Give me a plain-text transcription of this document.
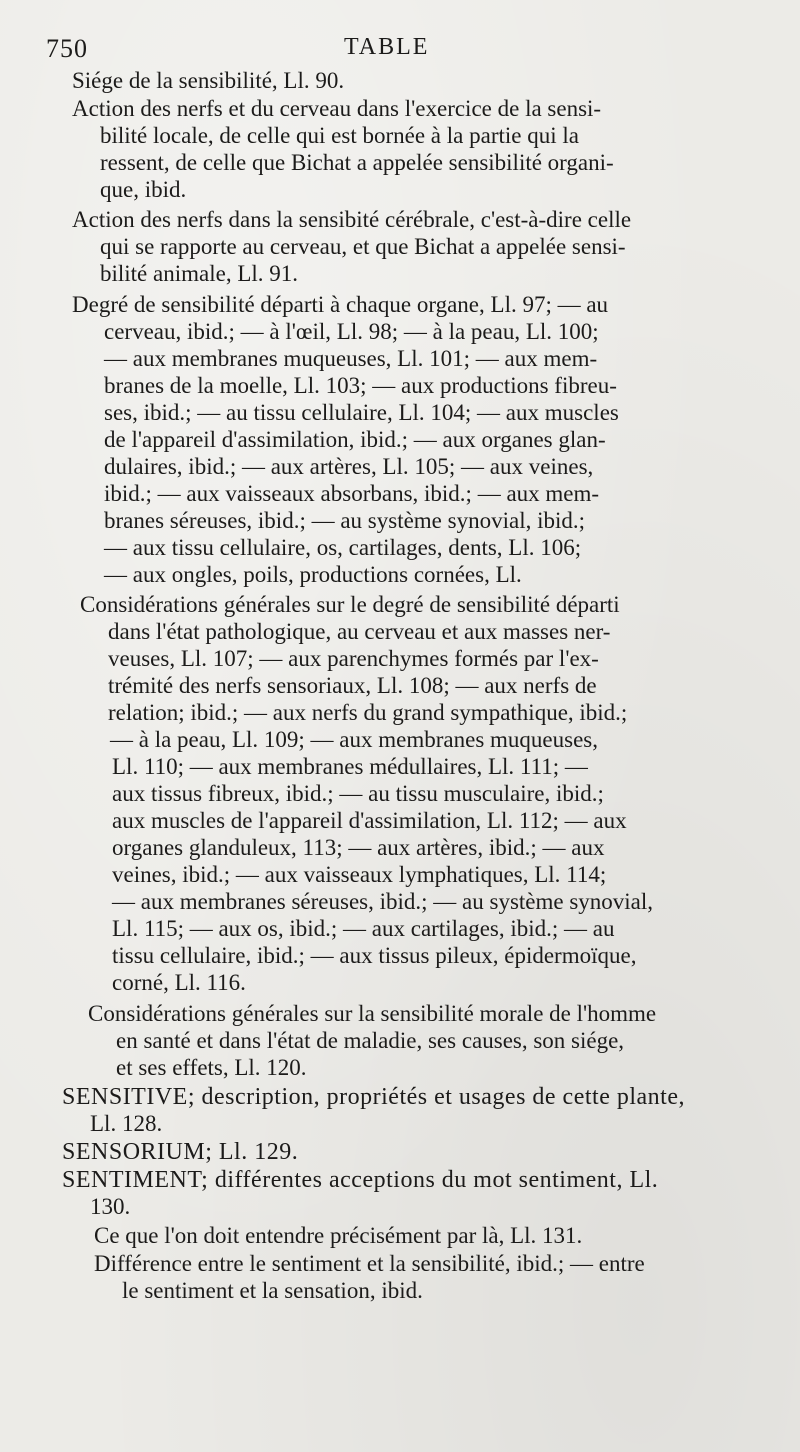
750	TABLE
Siége de la sensibilité, Ll. 90.
Action des nerfs et du cerveau dans l'exercice de la sensi-
bilité locale, de celle qui est bornée à la partie qui la
ressent, de celle que Bichat a appelée sensibilité organi-
que, ibid.
Action des nerfs dans la sensibité cérébrale, c'est-à-dire celle
qui se rapporte au cerveau, et que Bichat a appelée sensi-
bilité animale, Ll. 91.
Degré de sensibilité départi à chaque organe, Ll. 97; — au
cerveau, ibid.; — à l'œil, Ll. 98; — à la peau, Ll. 100;
— aux membranes muqueuses, Ll. 101; — aux mem-
branes de la moelle, Ll. 103; — aux productions fibreu-
ses, ibid.; — au tissu cellulaire, Ll. 104; — aux muscles
de l'appareil d'assimilation, ibid.; — aux organes glan-
dulaires, ibid.; — aux artères, Ll. 105; — aux veines,
ibid.; — aux vaisseaux absorbans, ibid.; — aux mem-
branes séreuses, ibid.; — au système synovial, ibid.;
— aux tissu cellulaire, os, cartilages, dents, Ll. 106;
— aux ongles, poils, productions cornées, Ll.
Considérations générales sur le degré de sensibilité départi
dans l'état pathologique, au cerveau et aux masses ner-
veuses, Ll. 107; — aux parenchymes formés par l'ex-
trémité des nerfs sensoriaux, Ll. 108; — aux nerfs de
relation; ibid.; — aux nerfs du grand sympathique, ibid.;
— à la peau, Ll. 109; — aux membranes muqueuses,
Ll. 110; — aux membranes médullaires, Ll. 111; —
aux tissus fibreux, ibid.; — au tissu musculaire, ibid.;
aux muscles de l'appareil d'assimilation, Ll. 112; — aux
organes glanduleux, 113; — aux artères, ibid.; — aux
veines, ibid.; — aux vaisseaux lymphatiques, Ll. 114;
— aux membranes séreuses, ibid.; — au système synovial,
Ll. 115; — aux os, ibid.; — aux cartilages, ibid.; — au
tissu cellulaire, ibid.; — aux tissus pileux, épidermoïque,
corné, Ll. 116.
Considérations générales sur la sensibilité morale de l'homme
en santé et dans l'état de maladie, ses causes, son siége,
et ses effets, Ll. 120.
SENSITIVE; description, propriétés et usages de cette plante,
Ll. 128.
SENSORIUM; Ll. 129.
SENTIMENT; différentes acceptions du mot sentiment, Ll.
130.
Ce que l'on doit entendre précisément par là, Ll. 131.
Différence entre le sentiment et la sensibilité, ibid.; — entre
le sentiment et la sensation, ibid.
